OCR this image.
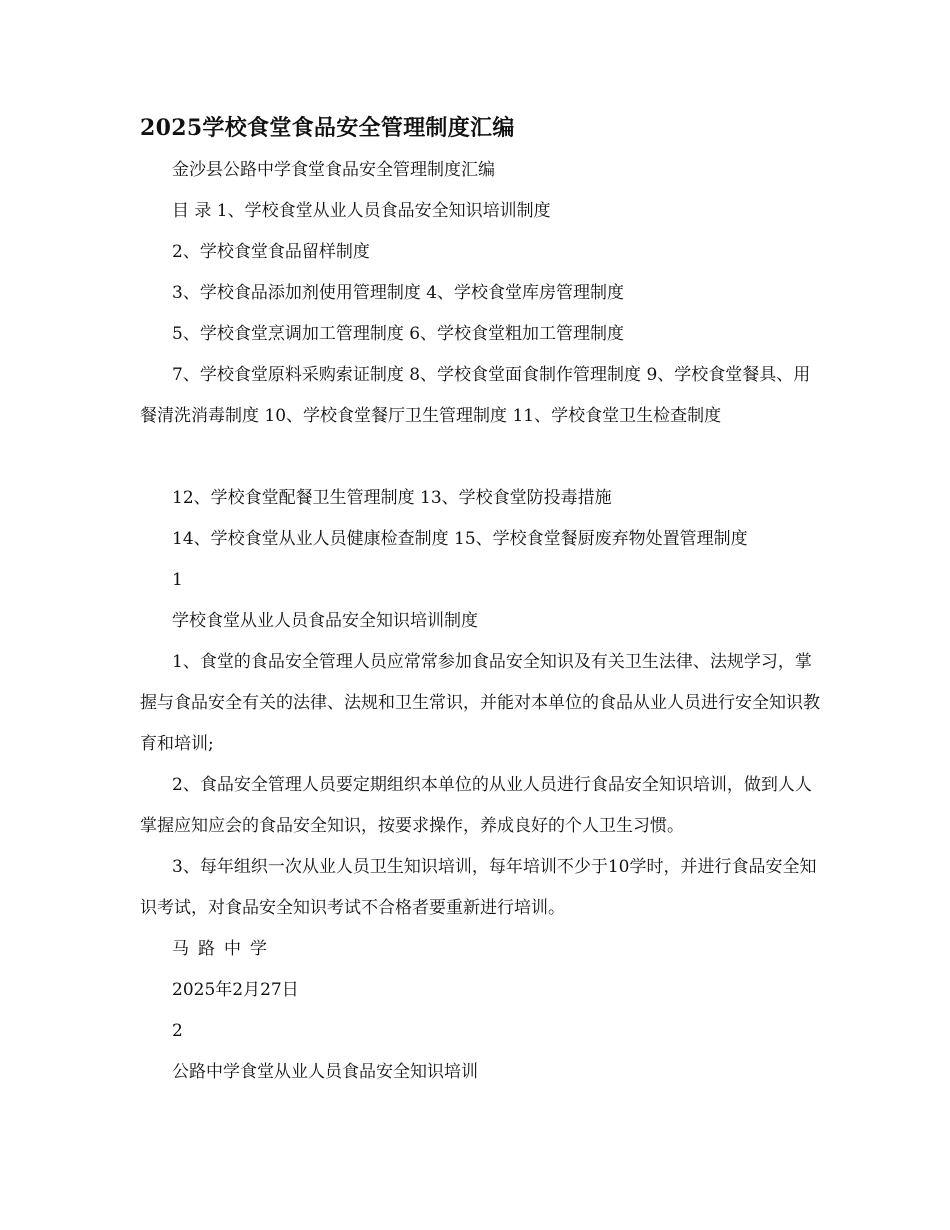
2025学校食堂食品安全管理制度汇编

金沙县公路中学食堂食品安全管理制度汇编

目 录 1、学校食堂从业人员食品安全知识培训制度

2、学校食堂食品留样制度

3、学校食品添加剂使用管理制度 4、学校食堂库房管理制度

5、学校食堂烹调加工管理制度 6、学校食堂粗加工管理制度

7、学校食堂原料采购索证制度 8、学校食堂面食制作管理制度 9、学校食堂餐具、用餐清洗消毒制度 10、学校食堂餐厅卫生管理制度 11、学校食堂卫生检查制度

12、学校食堂配餐卫生管理制度 13、学校食堂防投毒措施

14、学校食堂从业人员健康检查制度 15、学校食堂餐厨废弃物处置管理制度

1

学校食堂从业人员食品安全知识培训制度

1、食堂的食品安全管理人员应常常参加食品安全知识及有关卫生法律、法规学习，掌握与食品安全有关的法律、法规和卫生常识，并能对本单位的食品从业人员进行安全知识教育和培训;

2、食品安全管理人员要定期组织本单位的从业人员进行食品安全知识培训，做到人人掌握应知应会的食品安全知识，按要求操作，养成良好的个人卫生习惯。

3、每年组织一次从业人员卫生知识培训，每年培训不少于10学时，并进行食品安全知识考试，对食品安全知识考试不合格者要重新进行培训。

马路中学

2025年2月27日

2

公路中学食堂从业人员食品安全知识培训
